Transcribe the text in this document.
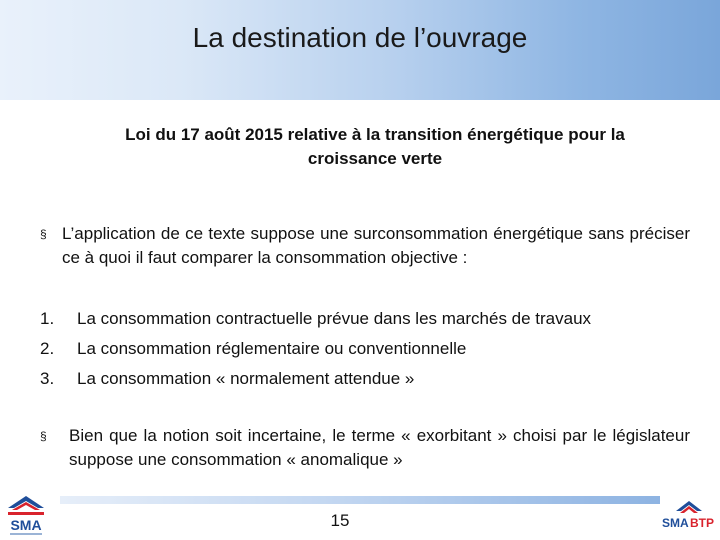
La destination de l’ouvrage
Loi du 17 août 2015 relative à la transition énergétique pour la croissance verte
§ L’application de ce texte suppose une surconsommation énergétique sans préciser ce à quoi il faut comparer la consommation objective :
1. La consommation contractuelle prévue dans les marchés de travaux
2. La consommation réglementaire ou conventionnelle
3. La consommation « normalement attendue »
§ Bien que la notion soit incertaine, le terme « exorbitant » choisi par le législateur suppose une consommation « anomalique »
15
SMA	SMA BTP
